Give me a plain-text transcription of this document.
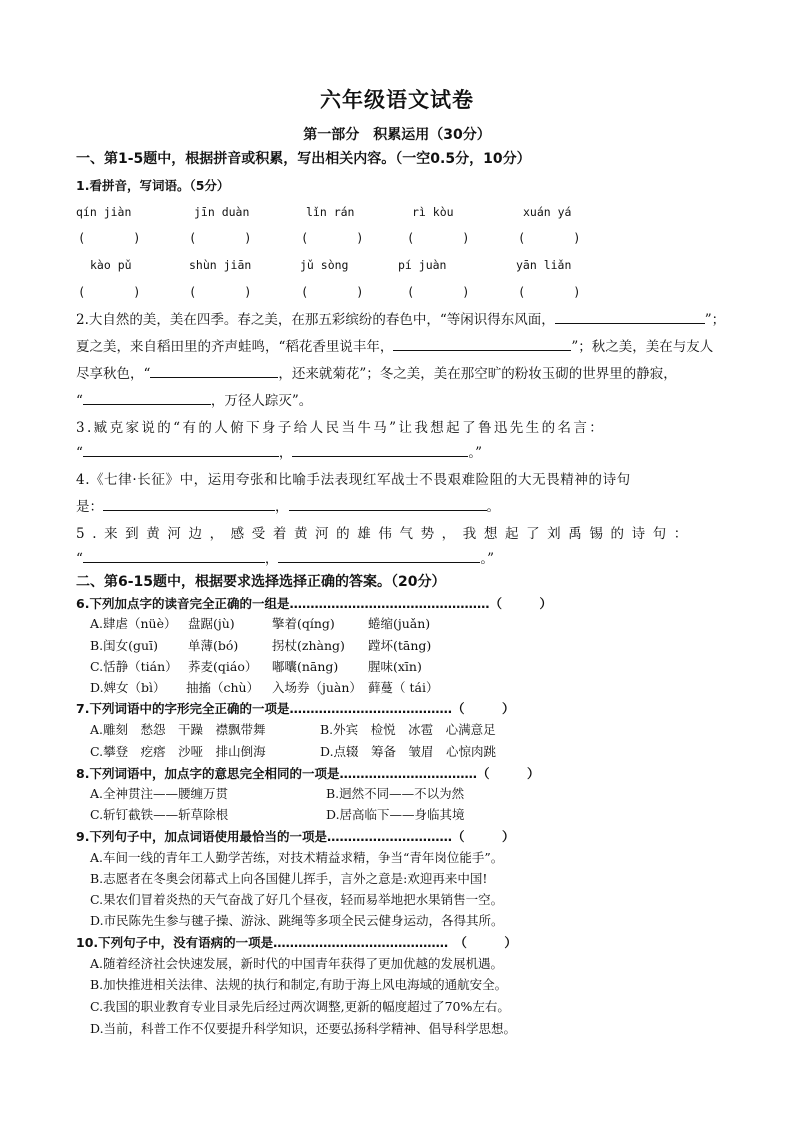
六年级语文试卷
第一部分　积累运用（30分）
一、第1-5题中，根据拼音或积累，写出相关内容。（一空0.5分，10分）
1.看拼音，写词语。（5分）
qín jiàn	jīn duàn	lǐn rán	rì kòu	xuán yá
(　　　　)	(　　　　)	(　　　　)	(　　　　)	(　　　　)
kào pǔ	shùn jiān	jǔ sòng	pí juàn	yān liǎn
(　　　　)	(　　　　)	(　　　　)	(　　　　)	(　　　　)
2.大自然的美，美在四季。春之美，在那五彩缤纷的春色中，“等闲识得东风面，	”；
夏之美，来自稻田里的齐声蛙鸣，“稻花香里说丰年，	”；秋之美，美在与友人
尽享秋色，“	，还来就菊花”；冬之美，美在那空旷的粉妆玉砌的世界里的静寂，
“	，万径人踪灭”。
3.臧克家说的“有的人俯下身子给人民当牛马”让我想起了鲁迅先生的名言：
“	，	。”
4.《七律·长征》中，运用夸张和比喻手法表现红军战士不畏艰难险阻的大无畏精神的诗句
是：	，	。
5.来到黄河边，感受着黄河的雄伟气势，我想起了刘禹锡的诗句：
“	，	。”
二、第6-15题中，根据要求选择选择正确的答案。（20分）
6.下列加点字的读音完全正确的一组是…………………………………………（　　　）
A.肆虐（nüè） 盘踞(jù)	擎着(qíng)	蜷缩(juǎn)
B.闺女(guī) 单薄(bó)	拐杖(zhàng) 蹚坏(tāng)
C.恬静（tián） 荞麦(qiáo） 嘟囔(nāng) 腥味(xīn)
D.婢女（bì） 抽搐（chù） 入场券（juàn） 藓蔓（ tái）
7.下列词语中的字形完全正确的一项是…………………………………（　　　）
A.雕刻　愁怨　干躁　襟飘带舞	B.外宾　检悦　冰雹　心满意足
C.攀登　疙瘩　沙哑　排山倒海	D.点辍　筹备　皱眉　心惊肉跳
8.下列词语中，加点字的意思完全相同的一项是……………………………（　　　）
A.全神贯注——腰缠万贯	B.迥然不同——不以为然
C.斩钉截铁——斩草除根	D.居高临下——身临其境
9.下列句子中，加点词语使用最恰当的一项是…………………………（　　　）
A.车间一线的青年工人勤学苦练，对技术精益求精，争当“青年岗位能手”。
B.志愿者在冬奥会闭幕式上向各国健儿挥手，言外之意是:欢迎再来中国!
C.果农们冒着炎热的天气奋战了好几个昼夜，轻而易举地把水果销售一空。
D.市民陈先生参与毽子操、游泳、跳绳等多项全民云健身运动，各得其所。
10.下列句子中，没有语病的一项是……………………………………　（　　　）
A.随着经济社会快速发展，新时代的中国青年获得了更加优越的发展机遇。
B.加快推进相关法律、法规的执行和制定,有助于海上风电海域的通航安全。
C.我国的职业教育专业目录先后经过两次调整,更新的幅度超过了70%左右。
D.当前，科普工作不仅要提升科学知识，还要弘扬科学精神、倡导科学思想。
